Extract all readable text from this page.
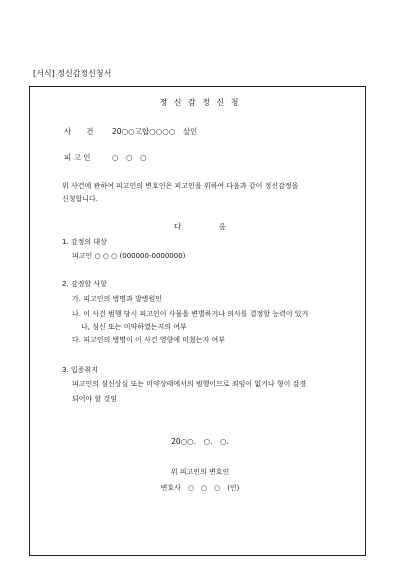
[서식] 정신감정신청서
정 신 감 정 신 청
사　　건 20○○고합○○○○　살인
피 고 인	○　○　○
위 사건에 관하여 피고인의 변호인은 피고인을 위하여 다음과 같이 정신감정을
신청합니다.
다　　　　　음
1. 감정의 대상
피고인 ○ ○ ○ (000000-0000000)
2. 감정할 사항
가. 피고인의 병명과 발병원인
나. 이 사건 범행 당시 피고인이 사물을 변별하거나 의사를 결정할 능력이 있거
나, 심신 또는 미약하였는지의 여부
다. 피고인의 병명이 이 사건 영향에 미쳤는지 여부
3. 입증취지
피고인의 심신상실 또는 미약상태에서의 범행이므로 죄임이 없거나 형이 감경
되어야 할 것임
20○○.　○.　○.
위 피고인의 변호인
변호사　○　○　○　(인)
